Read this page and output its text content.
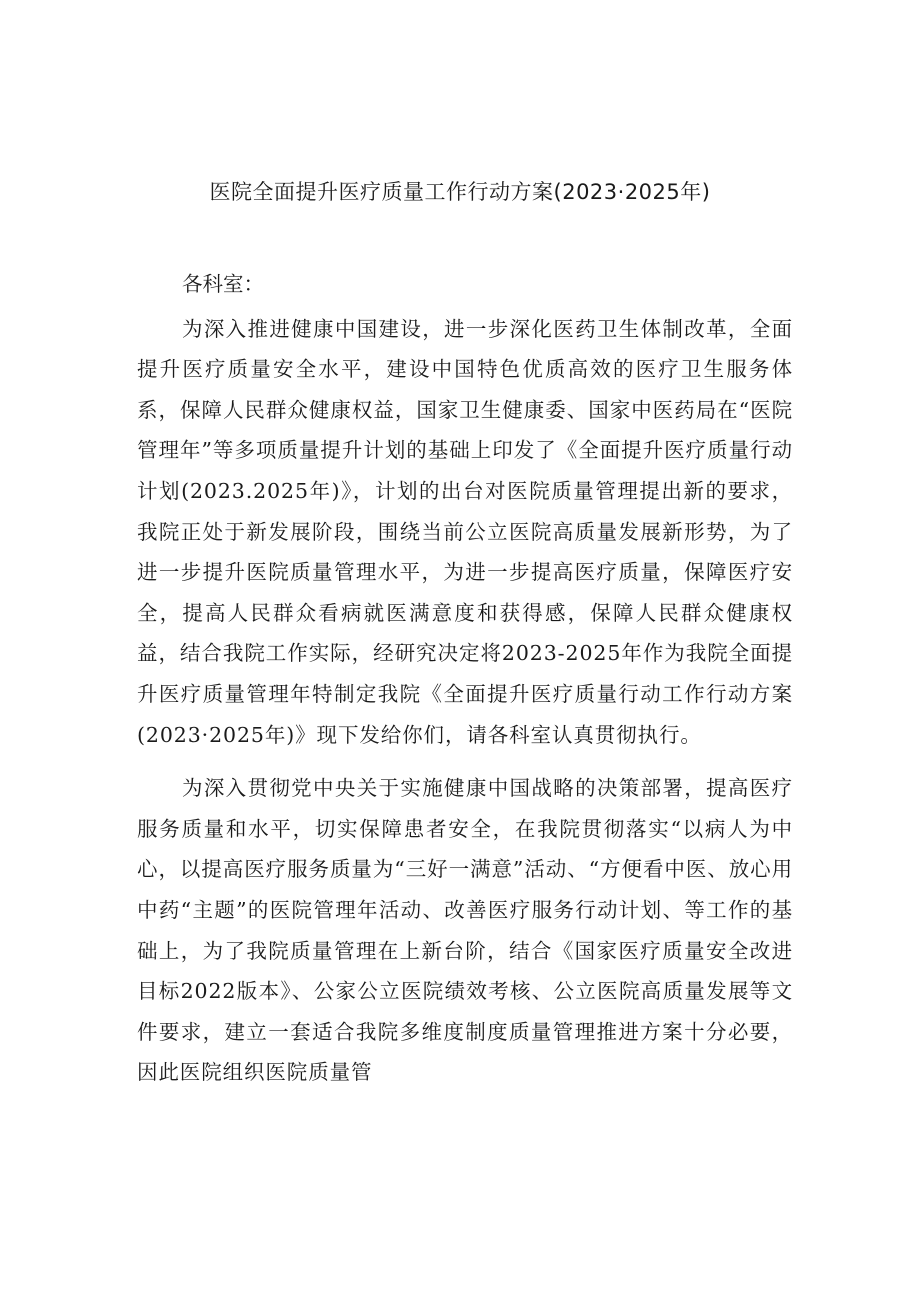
医院全面提升医疗质量工作行动方案(2023·2025年)

各科室：

为深入推进健康中国建设，进一步深化医药卫生体制改革，全面提升医疗质量安全水平，建设中国特色优质高效的医疗卫生服务体系，保障人民群众健康权益，国家卫生健康委、国家中医药局在“医院管理年”等多项质量提升计划的基础上印发了《全面提升医疗质量行动计划(2023.2025年)》，计划的出台对医院质量管理提出新的要求，我院正处于新发展阶段，围绕当前公立医院高质量发展新形势，为了进一步提升医院质量管理水平，为进一步提高医疗质量，保障医疗安全，提高人民群众看病就医满意度和获得感，保障人民群众健康权益，结合我院工作实际，经研究决定将2023-2025年作为我院全面提升医疗质量管理年特制定我院《全面提升医疗质量行动工作行动方案(2023·2025年)》现下发给你们，请各科室认真贯彻执行。

为深入贯彻党中央关于实施健康中国战略的决策部署，提高医疗服务质量和水平，切实保障患者安全，在我院贯彻落实“以病人为中心，以提高医疗服务质量为“三好一满意”活动、“方便看中医、放心用中药“主题”的医院管理年活动、改善医疗服务行动计划、等工作的基础上，为了我院质量管理在上新台阶，结合《国家医疗质量安全改进目标2022版本》、公家公立医院绩效考核、公立医院高质量发展等文件要求，建立一套适合我院多维度制度质量管理推进方案十分必要，因此医院组织医院质量管
